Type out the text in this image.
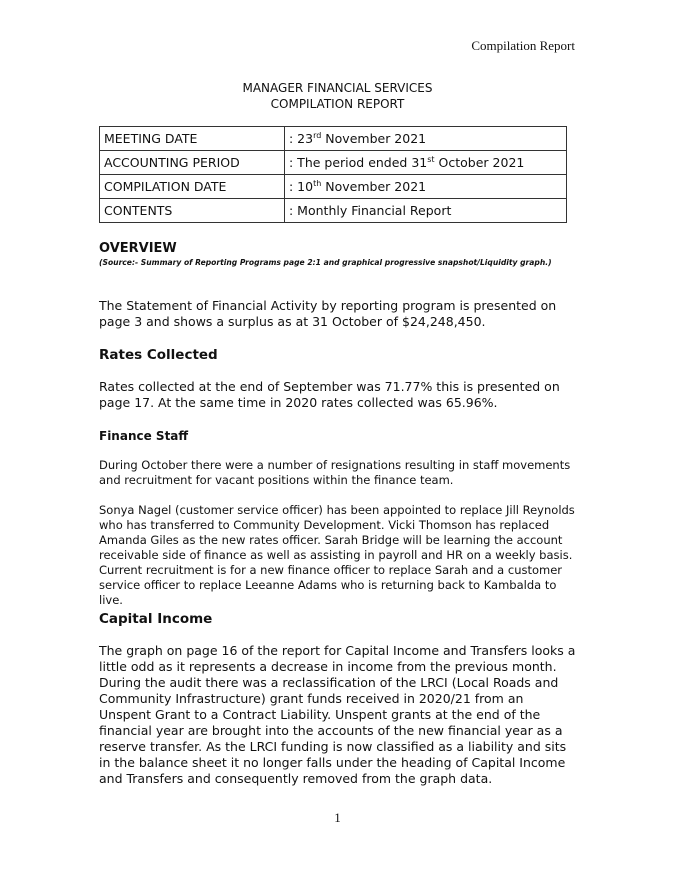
Compilation Report
MANAGER FINANCIAL SERVICES
COMPILATION REPORT
MEETING DATE	: 23rd November 2021
ACCOUNTING PERIOD	: The period ended 31st October 2021
COMPILATION DATE	: 10th November 2021
CONTENTS	: Monthly Financial Report
OVERVIEW
(Source:- Summary of Reporting Programs page 2:1 and graphical progressive snapshot/Liquidity graph.)
The Statement of Financial Activity by reporting program is presented on page 3 and shows a surplus as at 31 October of $24,248,450.
Rates Collected
Rates collected at the end of September was 71.77% this is presented on page 17. At the same time in 2020 rates collected was 65.96%.
Finance Staff
During October there were a number of resignations resulting in staff movements and recruitment for vacant positions within the finance team.
Sonya Nagel (customer service officer) has been appointed to replace Jill Reynolds who has transferred to Community Development. Vicki Thomson has replaced Amanda Giles as the new rates officer. Sarah Bridge will be learning the account receivable side of finance as well as assisting in payroll and HR on a weekly basis. Current recruitment is for a new finance officer to replace Sarah and a customer service officer to replace Leeanne Adams who is returning back to Kambalda to live.
Capital Income
The graph on page 16 of the report for Capital Income and Transfers looks a little odd as it represents a decrease in income from the previous month. During the audit there was a reclassification of the LRCI (Local Roads and Community Infrastructure) grant funds received in 2020/21 from an Unspent Grant to a Contract Liability. Unspent grants at the end of the financial year are brought into the accounts of the new financial year as a reserve transfer. As the LRCI funding is now classified as a liability and sits in the balance sheet it no longer falls under the heading of Capital Income and Transfers and consequently removed from the graph data.
1
